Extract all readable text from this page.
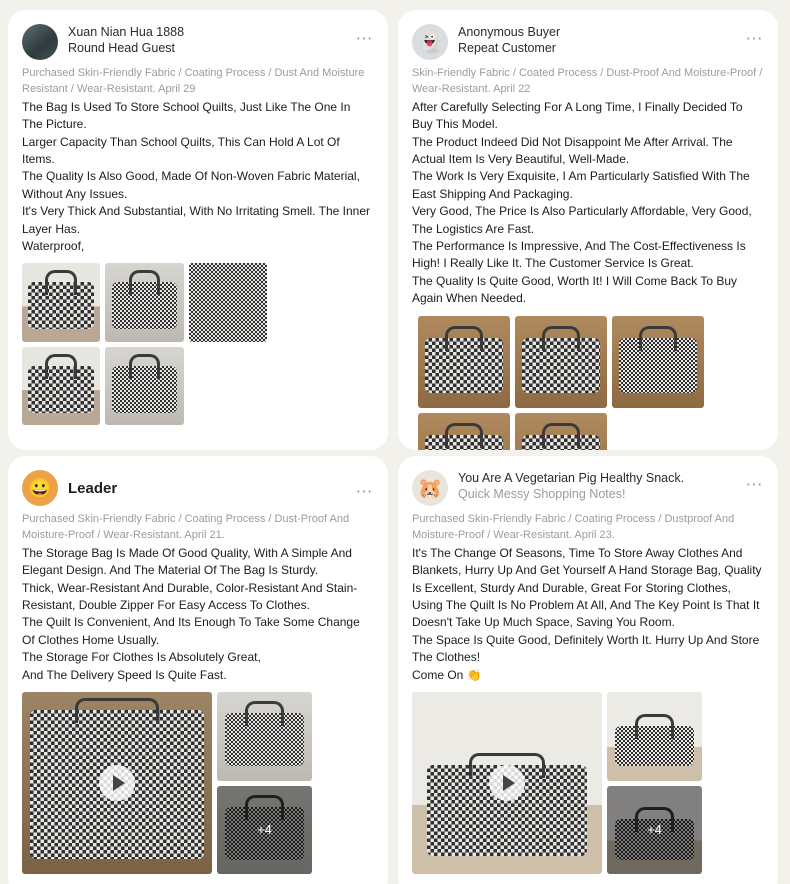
Xuan Nian Hua 1888
Round Head Guest	⋯
Purchased Skin-Friendly Fabric / Coating Process / Dust And Moisture Resistant / Wear-Resistant. April 29

The Bag Is Used To Store School Quilts, Just Like The One In The Picture.

Larger Capacity Than School Quilts, This Can Hold A Lot Of Items.

The Quality Is Also Good, Made Of Non-Woven Fabric Material, Without Any Issues.

It's Very Thick And Substantial, With No Irritating Smell. The Inner Layer Has.

Waterproof,

👻	Anonymous Buyer
Repeat Customer	⋯
Skin-Friendly Fabric / Coated Process / Dust-Proof And Moisture-Proof / Wear-Resistant. April 22

After Carefully Selecting For A Long Time, I Finally Decided To Buy This Model.

The Product Indeed Did Not Disappoint Me After Arrival. The Actual Item Is Very Beautiful, Well-Made.

The Work Is Very Exquisite, I Am Particularly Satisfied With The East Shipping And Packaging.

Very Good, The Price Is Also Particularly Affordable, Very Good, The Logistics Are Fast.

The Performance Is Impressive, And The Cost-Effectiveness Is High! I Really Like It. The Customer Service Is Great.

The Quality Is Quite Good, Worth It! I Will Come Back To Buy Again When Needed.

😀	Leader	⋯
Purchased Skin-Friendly Fabric / Coating Process / Dust-Proof And Moisture-Proof / Wear-Resistant. April 21.

The Storage Bag Is Made Of Good Quality, With A Simple And Elegant Design. And The Material Of The Bag Is Sturdy.

Thick, Wear-Resistant And Durable, Color-Resistant And Stain-Resistant, Double Zipper For Easy Access To Clothes.

The Quilt Is Convenient, And Its Enough To Take Some Change Of Clothes Home Usually.

The Storage For Clothes Is Absolutely Great,

And The Delivery Speed Is Quite Fast.

+4
🐹	You Are A Vegetarian Pig Healthy Snack.
Quick Messy Shopping Notes!	⋯
Purchased Skin-Friendly Fabric / Coating Process / Dustproof And Moisture-Proof / Wear-Resistant. April 23.

It's The Change Of Seasons, Time To Store Away Clothes And Blankets, Hurry Up And Get Yourself A Hand Storage Bag, Quality Is Excellent, Sturdy And Durable, Great For Storing Clothes,

Using The Quilt Is No Problem At All, And The Key Point Is That It Doesn't Take Up Much Space, Saving You Room.

The Space Is Quite Good, Definitely Worth It. Hurry Up And Store The Clothes!

Come On 👏

+4
